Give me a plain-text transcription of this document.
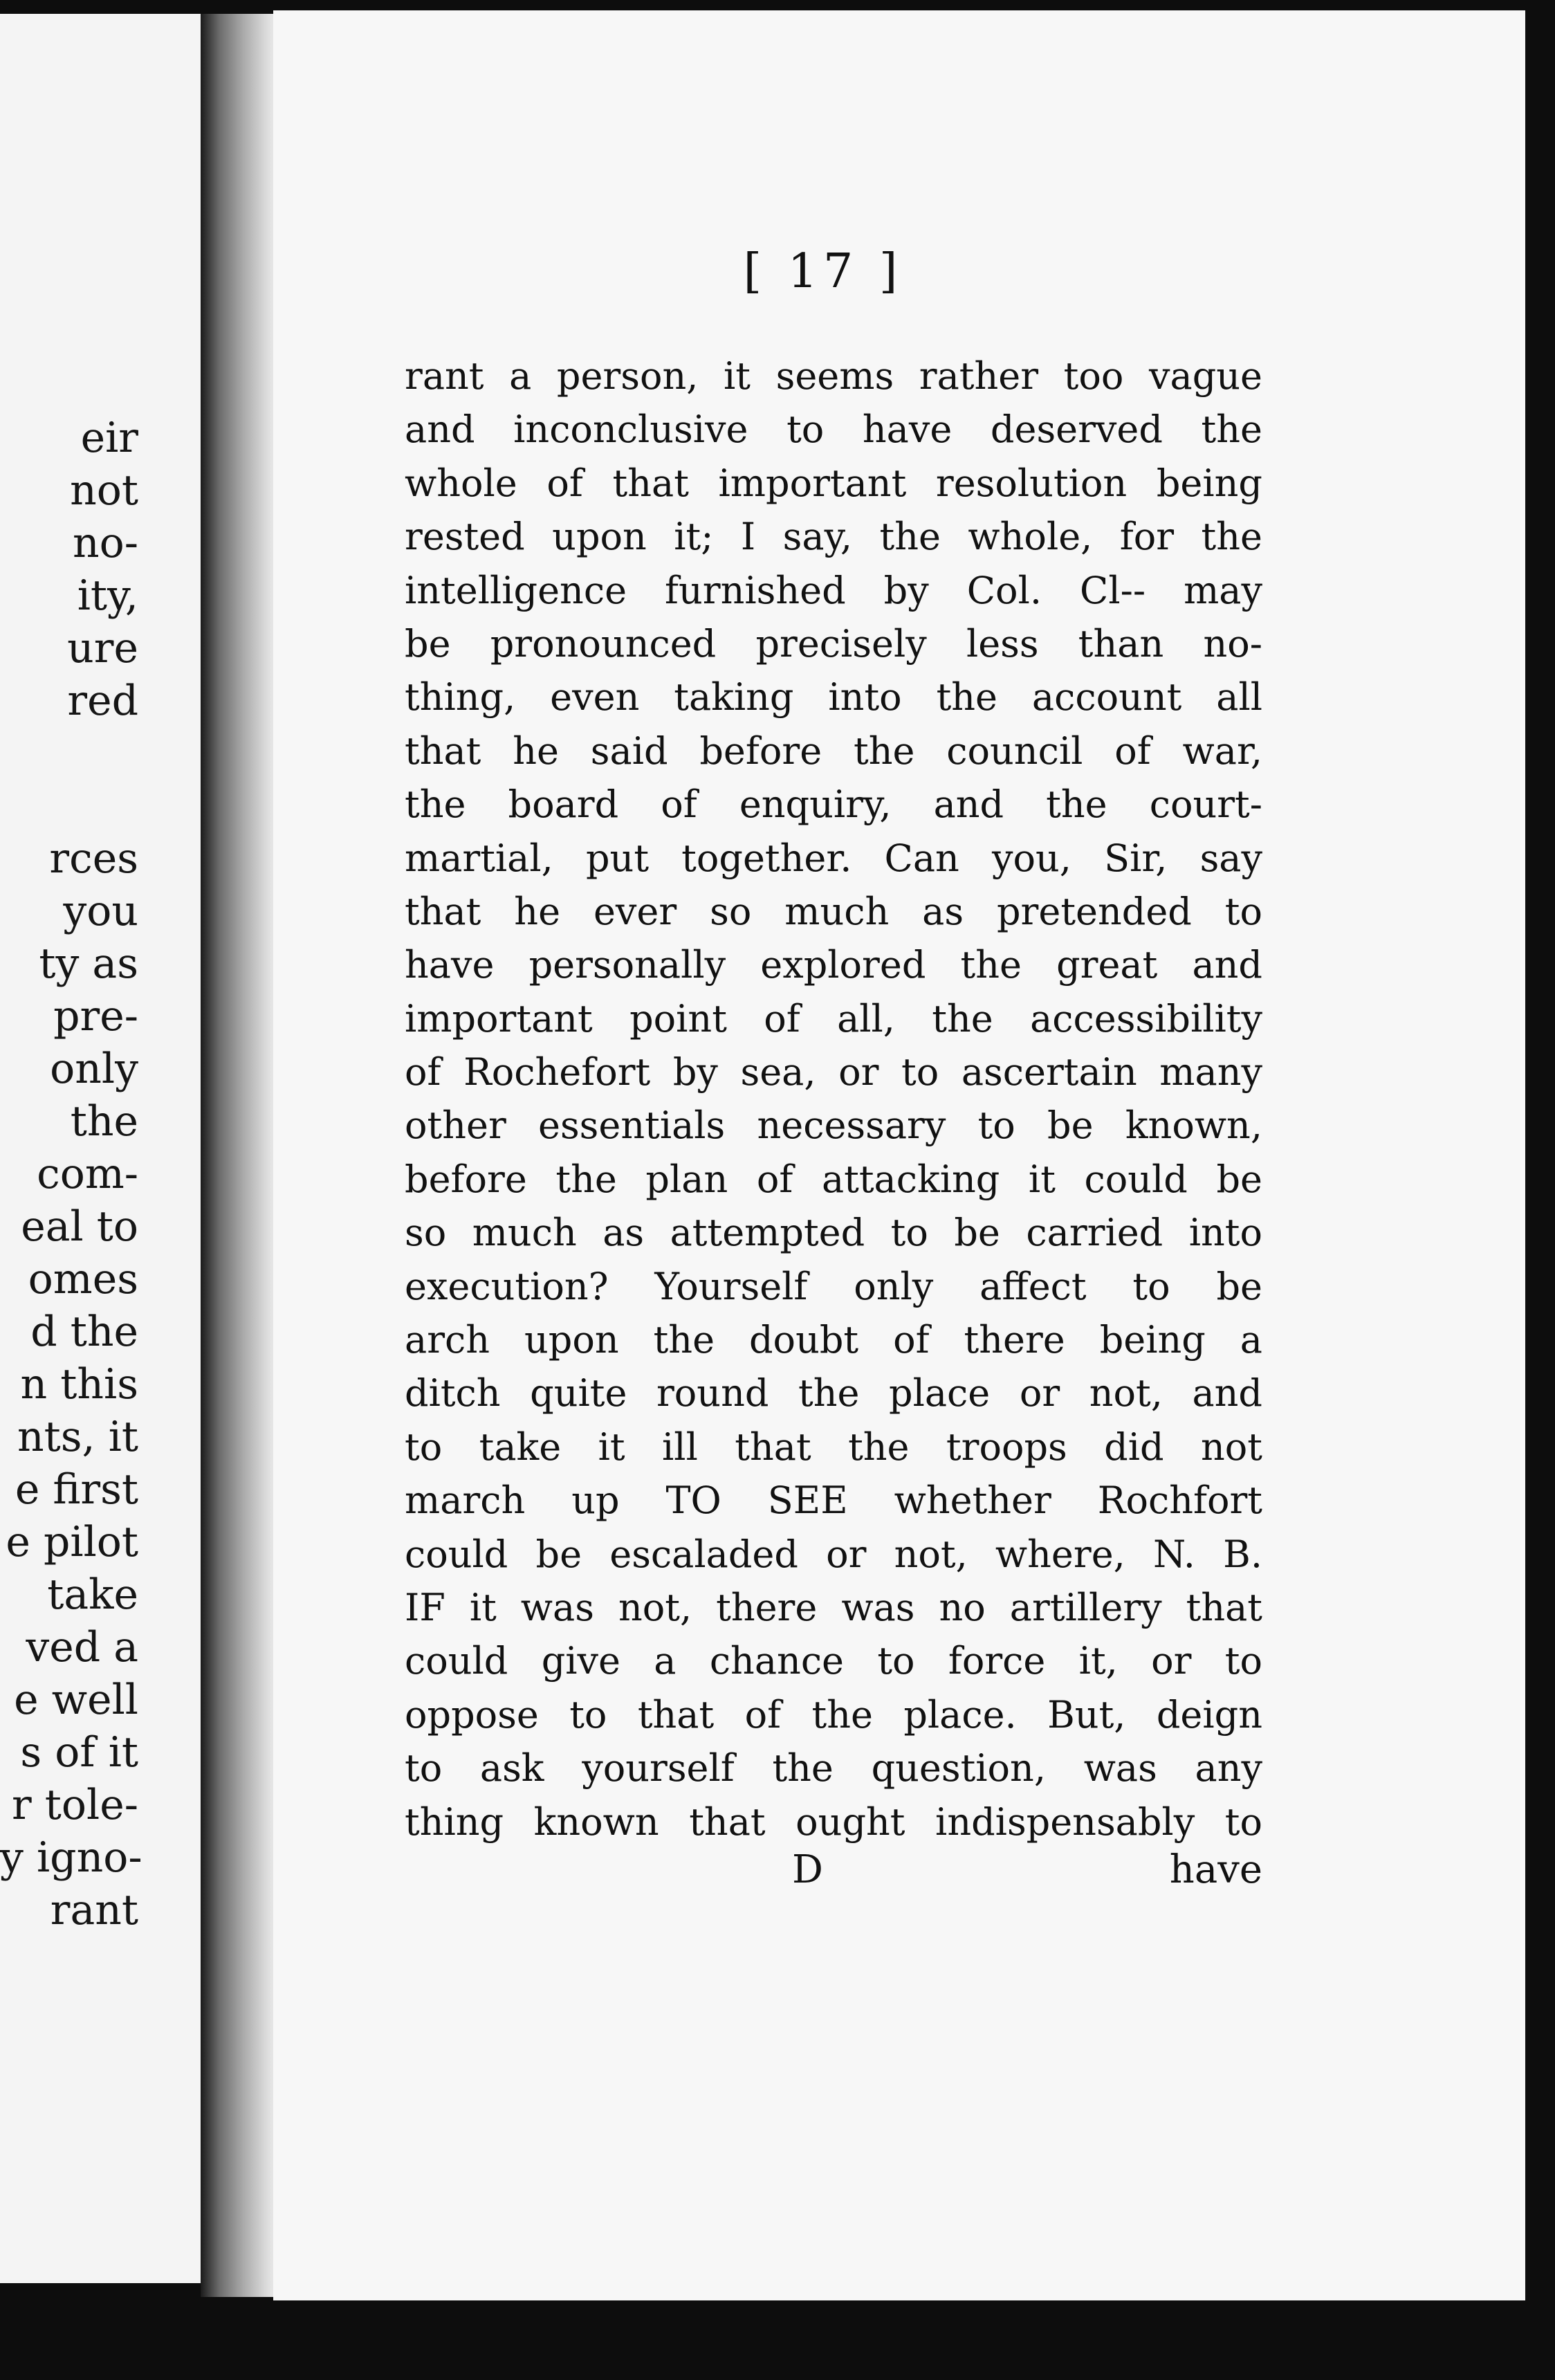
eir
not
no-
ity,
ure
red
rces
you
ty as
pre-
only
the
com-
eal to
omes
d the
n this
nts, it
e first
e pilot
take
ved a
e well
s of it
r tole-
y igno-
rant
[ 17 ]
rant a person, it seems rather too vague
and inconclusive to have deserved the
whole of that important resolution being
rested upon it; I say, the whole, for the
intelligence furnished by Col. Cl-- may
be pronounced precisely less than no-
thing, even taking into the account all
that he said before the council of war,
the board of enquiry, and the court-
martial, put together. Can you, Sir, say
that he ever so much as pretended to
have personally explored the great and
important point of all, the accessibility
of Rochefort by sea, or to ascertain many
other essentials necessary to be known,
before the plan of attacking it could be
so much as attempted to be carried into
execution? Yourself only affect to be
arch upon the doubt of there being a
ditch quite round the place or not, and
to take it ill that the troops did not
march up TO SEE whether Rochfort
could be escaladed or not, where, N. B.
IF it was not, there was no artillery that
could give a chance to force it, or to
oppose to that of the place. But, deign
to ask yourself the question, was any
thing known that ought indispensably to
D	have
